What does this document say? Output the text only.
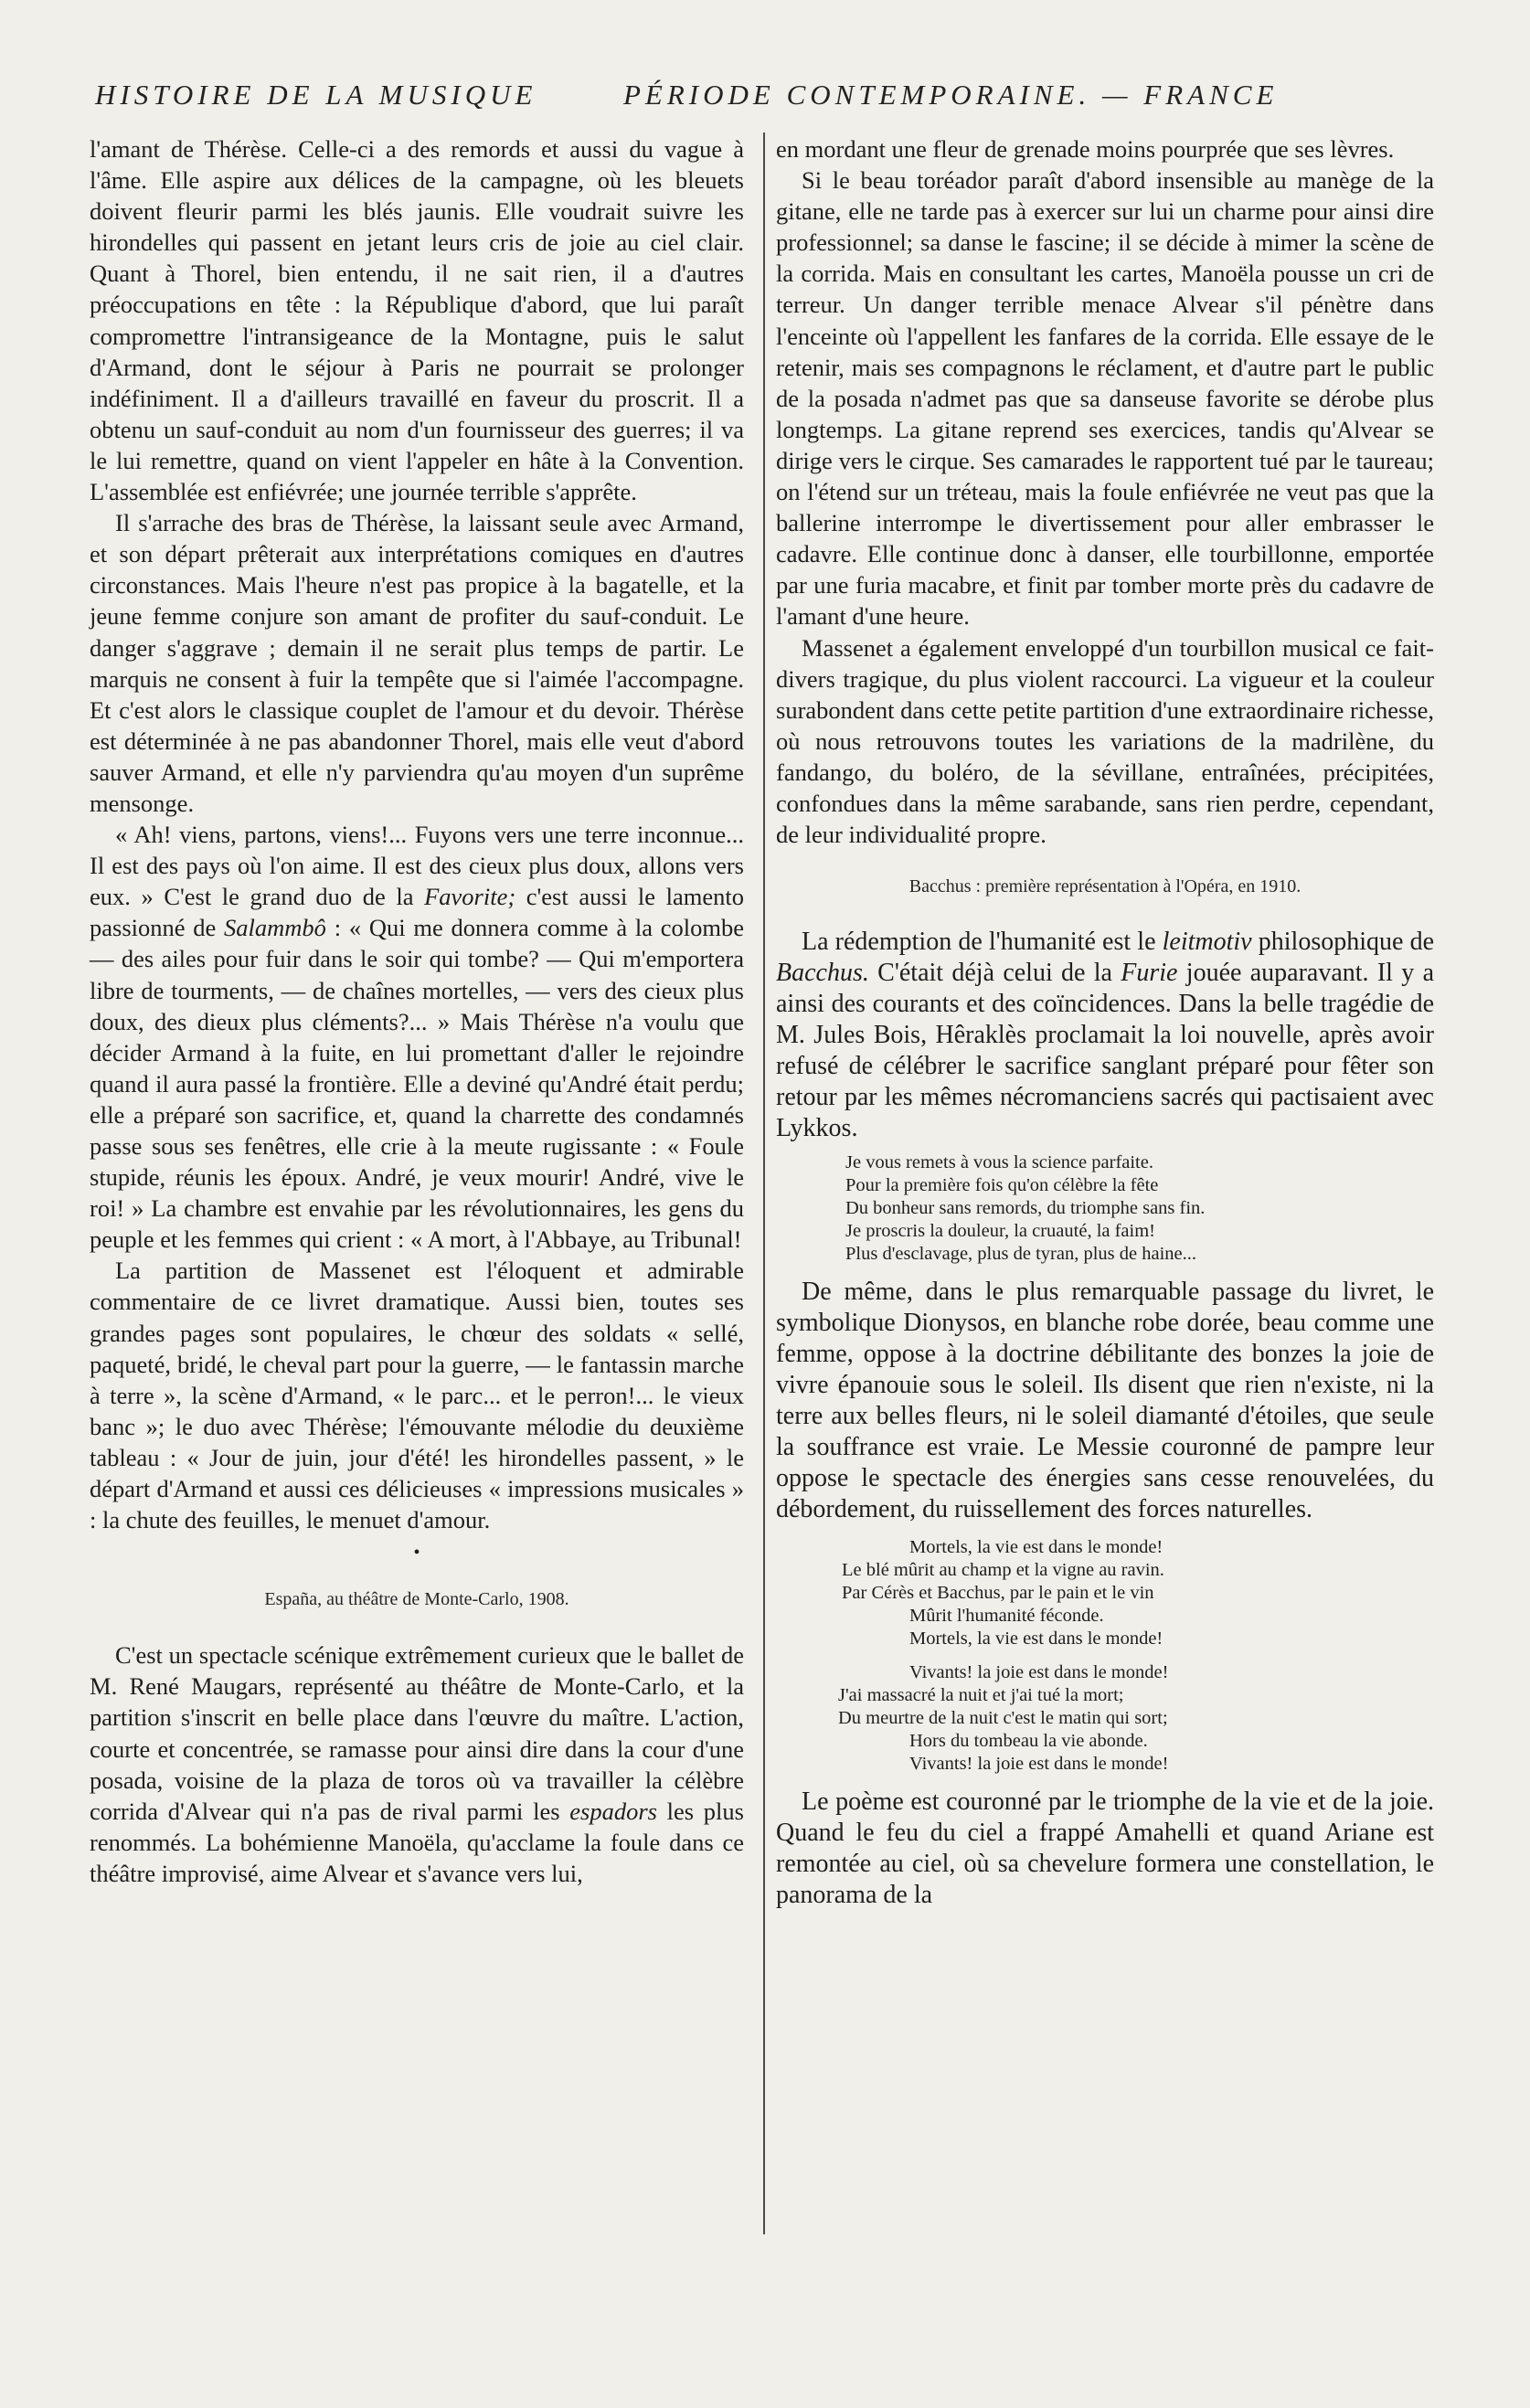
HISTOIRE DE LA MUSIQUE	PÉRIODE CONTEMPORAINE. — FRANCE

l'amant de Thérèse. Celle-ci a des remords et aussi du vague à l'âme. Elle aspire aux délices de la campagne, où les bleuets doivent fleurir parmi les blés jaunis. Elle voudrait suivre les hirondelles qui passent en jetant leurs cris de joie au ciel clair. Quant à Thorel, bien entendu, il ne sait rien, il a d'autres préoccupations en tête : la République d'abord, que lui paraît compromettre l'intransigeance de la Montagne, puis le salut d'Armand, dont le séjour à Paris ne pourrait se prolonger indéfiniment. Il a d'ailleurs travaillé en faveur du proscrit. Il a obtenu un sauf-conduit au nom d'un fournisseur des guerres; il va le lui remettre, quand on vient l'appeler en hâte à la Convention. L'assemblée est enfiévrée; une journée terrible s'apprête.

Il s'arrache des bras de Thérèse, la laissant seule avec Armand, et son départ prêterait aux interprétations comiques en d'autres circonstances. Mais l'heure n'est pas propice à la bagatelle, et la jeune femme conjure son amant de profiter du sauf-conduit. Le danger s'aggrave ; demain il ne serait plus temps de partir. Le marquis ne consent à fuir la tempête que si l'aimée l'accompagne. Et c'est alors le classique couplet de l'amour et du devoir. Thérèse est déterminée à ne pas abandonner Thorel, mais elle veut d'abord sauver Armand, et elle n'y parviendra qu'au moyen d'un suprême mensonge.

« Ah! viens, partons, viens!... Fuyons vers une terre inconnue... Il est des pays où l'on aime. Il est des cieux plus doux, allons vers eux. » C'est le grand duo de la Favorite; c'est aussi le lamento passionné de Salammbô : « Qui me donnera comme à la colombe — des ailes pour fuir dans le soir qui tombe? — Qui m'emportera libre de tourments, — de chaînes mortelles, — vers des cieux plus doux, des dieux plus cléments?... » Mais Thérèse n'a voulu que décider Armand à la fuite, en lui promettant d'aller le rejoindre quand il aura passé la frontière. Elle a deviné qu'André était perdu; elle a préparé son sacrifice, et, quand la charrette des condamnés passe sous ses fenêtres, elle crie à la meute rugissante : « Foule stupide, réunis les époux. André, je veux mourir! André, vive le roi! » La chambre est envahie par les révolutionnaires, les gens du peuple et les femmes qui crient : « A mort, à l'Abbaye, au Tribunal!

La partition de Massenet est l'éloquent et admirable commentaire de ce livret dramatique. Aussi bien, toutes ses grandes pages sont populaires, le chœur des soldats « sellé, paqueté, bridé, le cheval part pour la guerre, — le fantassin marche à terre », la scène d'Armand, « le parc... et le perron!... le vieux banc »; le duo avec Thérèse; l'émouvante mélodie du deuxième tableau : « Jour de juin, jour d'été! les hirondelles passent, » le départ d'Armand et aussi ces délicieuses « impressions musicales » : la chute des feuilles, le menuet d'amour.

•
España, au théâtre de Monte-Carlo, 1908.

C'est un spectacle scénique extrêmement curieux que le ballet de M. René Maugars, représenté au théâtre de Monte-Carlo, et la partition s'inscrit en belle place dans l'œuvre du maître. L'action, courte et concentrée, se ramasse pour ainsi dire dans la cour d'une posada, voisine de la plaza de toros où va travailler la célèbre corrida d'Alvear qui n'a pas de rival parmi les espadors les plus renommés. La bohémienne Manoëla, qu'acclame la foule dans ce théâtre improvisé, aime Alvear et s'avance vers lui,

en mordant une fleur de grenade moins pourprée que ses lèvres.

Si le beau toréador paraît d'abord insensible au manège de la gitane, elle ne tarde pas à exercer sur lui un charme pour ainsi dire professionnel; sa danse le fascine; il se décide à mimer la scène de la corrida. Mais en consultant les cartes, Manoëla pousse un cri de terreur. Un danger terrible menace Alvear s'il pénètre dans l'enceinte où l'appellent les fanfares de la corrida. Elle essaye de le retenir, mais ses compagnons le réclament, et d'autre part le public de la posada n'admet pas que sa danseuse favorite se dérobe plus longtemps. La gitane reprend ses exercices, tandis qu'Alvear se dirige vers le cirque. Ses camarades le rapportent tué par le taureau; on l'étend sur un tréteau, mais la foule enfiévrée ne veut pas que la ballerine interrompe le divertissement pour aller embrasser le cadavre. Elle continue donc à danser, elle tourbillonne, emportée par une furia macabre, et finit par tomber morte près du cadavre de l'amant d'une heure.

Massenet a également enveloppé d'un tourbillon musical ce fait-divers tragique, du plus violent raccourci. La vigueur et la couleur surabondent dans cette petite partition d'une extraordinaire richesse, où nous retrouvons toutes les variations de la madrilène, du fandango, du boléro, de la sévillane, entraînées, précipitées, confondues dans la même sarabande, sans rien perdre, cependant, de leur individualité propre.

Bacchus : première représentation à l'Opéra, en 1910.

La rédemption de l'humanité est le leitmotiv philosophique de Bacchus. C'était déjà celui de la Furie jouée auparavant. Il y a ainsi des courants et des coïncidences. Dans la belle tragédie de M. Jules Bois, Hêraklès proclamait la loi nouvelle, après avoir refusé de célébrer le sacrifice sanglant préparé pour fêter son retour par les mêmes nécromanciens sacrés qui pactisaient avec Lykkos.

Je vous remets à vous la science parfaite.
Pour la première fois qu'on célèbre la fête
Du bonheur sans remords, du triomphe sans fin.
Je proscris la douleur, la cruauté, la faim!
Plus d'esclavage, plus de tyran, plus de haine...

De même, dans le plus remarquable passage du livret, le symbolique Dionysos, en blanche robe dorée, beau comme une femme, oppose à la doctrine débilitante des bonzes la joie de vivre épanouie sous le soleil. Ils disent que rien n'existe, ni la terre aux belles fleurs, ni le soleil diamanté d'étoiles, que seule la souffrance est vraie. Le Messie couronné de pampre leur oppose le spectacle des énergies sans cesse renouvelées, du débordement, du ruissellement des forces naturelles.

Mortels, la vie est dans le monde!
Le blé mûrit au champ et la vigne au ravin.
Par Cérès et Bacchus, par le pain et le vin
Mûrit l'humanité féconde.
Mortels, la vie est dans le monde!
Vivants! la joie est dans le monde!
J'ai massacré la nuit et j'ai tué la mort;
Du meurtre de la nuit c'est le matin qui sort;
Hors du tombeau la vie abonde.
Vivants! la joie est dans le monde!

Le poème est couronné par le triomphe de la vie et de la joie. Quand le feu du ciel a frappé Amahelli et quand Ariane est remontée au ciel, où sa chevelure formera une constellation, le panorama de la
